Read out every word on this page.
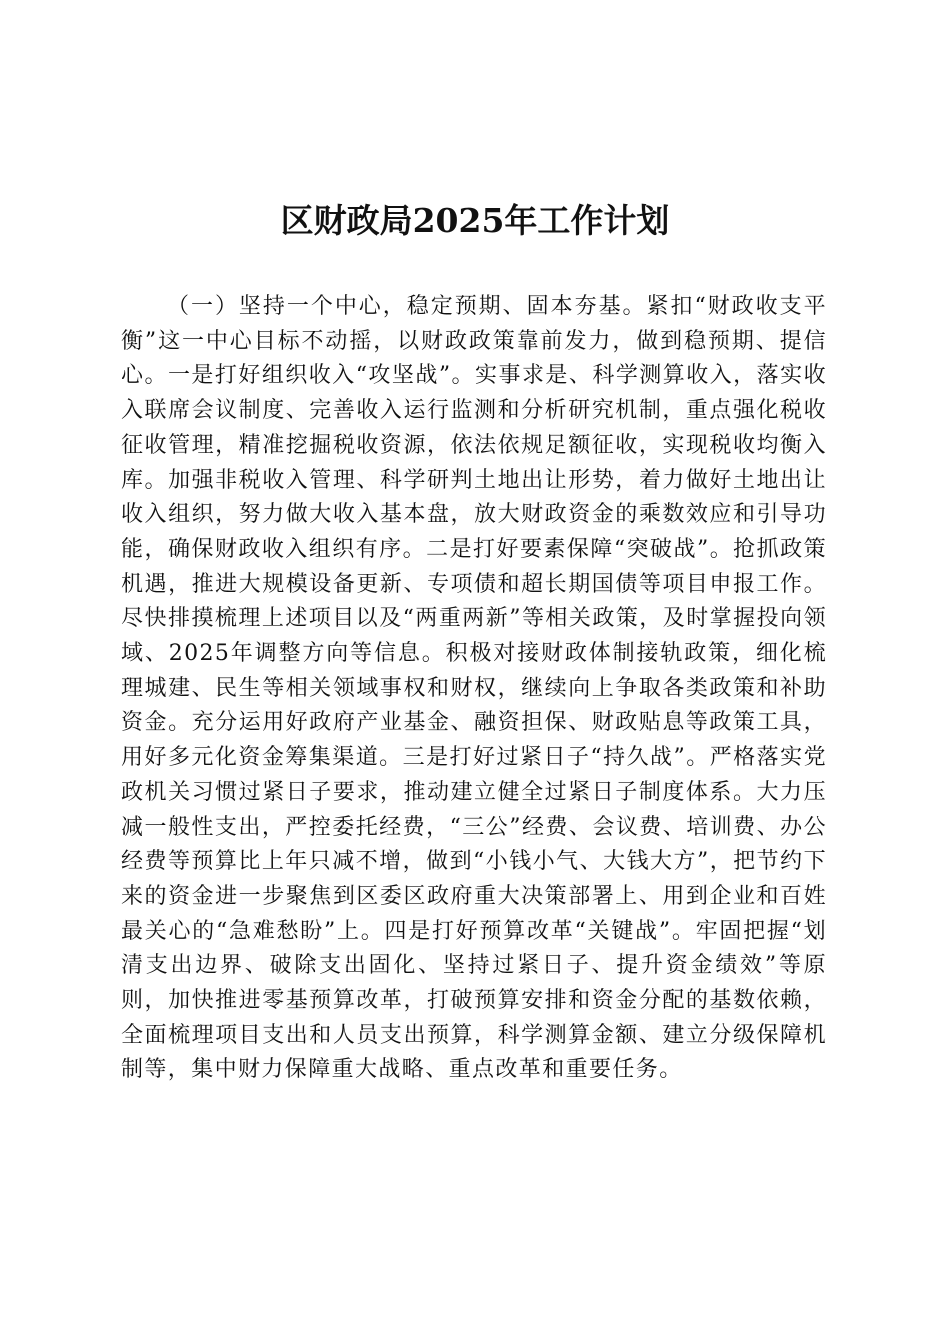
区财政局2025年工作计划

（一）坚持一个中心，稳定预期、固本夯基。紧扣“财政收支平衡”这一中心目标不动摇，以财政政策靠前发力，做到稳预期、提信心。一是打好组织收入“攻坚战”。实事求是、科学测算收入，落实收入联席会议制度、完善收入运行监测和分析研究机制，重点强化税收征收管理，精准挖掘税收资源，依法依规足额征收，实现税收均衡入库。加强非税收入管理、科学研判土地出让形势，着力做好土地出让收入组织，努力做大收入基本盘，放大财政资金的乘数效应和引导功能，确保财政收入组织有序。二是打好要素保障“突破战”。抢抓政策机遇，推进大规模设备更新、专项债和超长期国债等项目申报工作。尽快排摸梳理上述项目以及“两重两新”等相关政策，及时掌握投向领域、2025年调整方向等信息。积极对接财政体制接轨政策，细化梳理城建、民生等相关领域事权和财权，继续向上争取各类政策和补助资金。充分运用好政府产业基金、融资担保、财政贴息等政策工具，用好多元化资金筹集渠道。三是打好过紧日子“持久战”。严格落实党政机关习惯过紧日子要求，推动建立健全过紧日子制度体系。大力压减一般性支出，严控委托经费，“三公”经费、会议费、培训费、办公经费等预算比上年只减不增，做到“小钱小气、大钱大方”，把节约下来的资金进一步聚焦到区委区政府重大决策部署上、用到企业和百姓最关心的“急难愁盼”上。四是打好预算改革“关键战”。牢固把握“划清支出边界、破除支出固化、坚持过紧日子、提升资金绩效”等原则，加快推进零基预算改革，打破预算安排和资金分配的基数依赖，全面梳理项目支出和人员支出预算，科学测算金额、建立分级保障机制等，集中财力保障重大战略、重点改革和重要任务。
